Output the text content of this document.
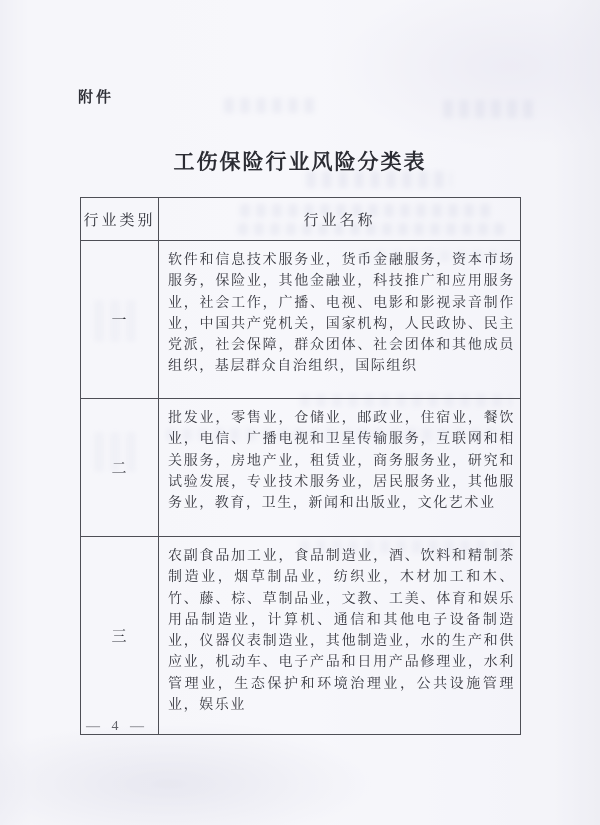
附件
工伤保险行业风险分类表
行业类别	行业名称
一	软件和信息技术服务业，货币金融服务，资本市场服务，保险业，其他金融业，科技推广和应用服务业，社会工作，广播、电视、电影和影视录音制作业，中国共产党机关，国家机构，人民政协、民主党派，社会保障，群众团体、社会团体和其他成员组织，基层群众自治组织，国际组织
二	批发业，零售业，仓储业，邮政业，住宿业，餐饮业，电信、广播电视和卫星传输服务，互联网和相关服务，房地产业，租赁业，商务服务业，研究和试验发展，专业技术服务业，居民服务业，其他服务业，教育，卫生，新闻和出版业，文化艺术业
三	农副食品加工业，食品制造业，酒、饮料和精制茶制造业，烟草制品业，纺织业，木材加工和木、竹、藤、棕、草制品业，文教、工美、体育和娱乐用品制造业，计算机、通信和其他电子设备制造业，仪器仪表制造业，其他制造业，水的生产和供应业，机动车、电子产品和日用产品修理业，水利管理业，生态保护和环境治理业，公共设施管理业，娱乐业
— 4 —
